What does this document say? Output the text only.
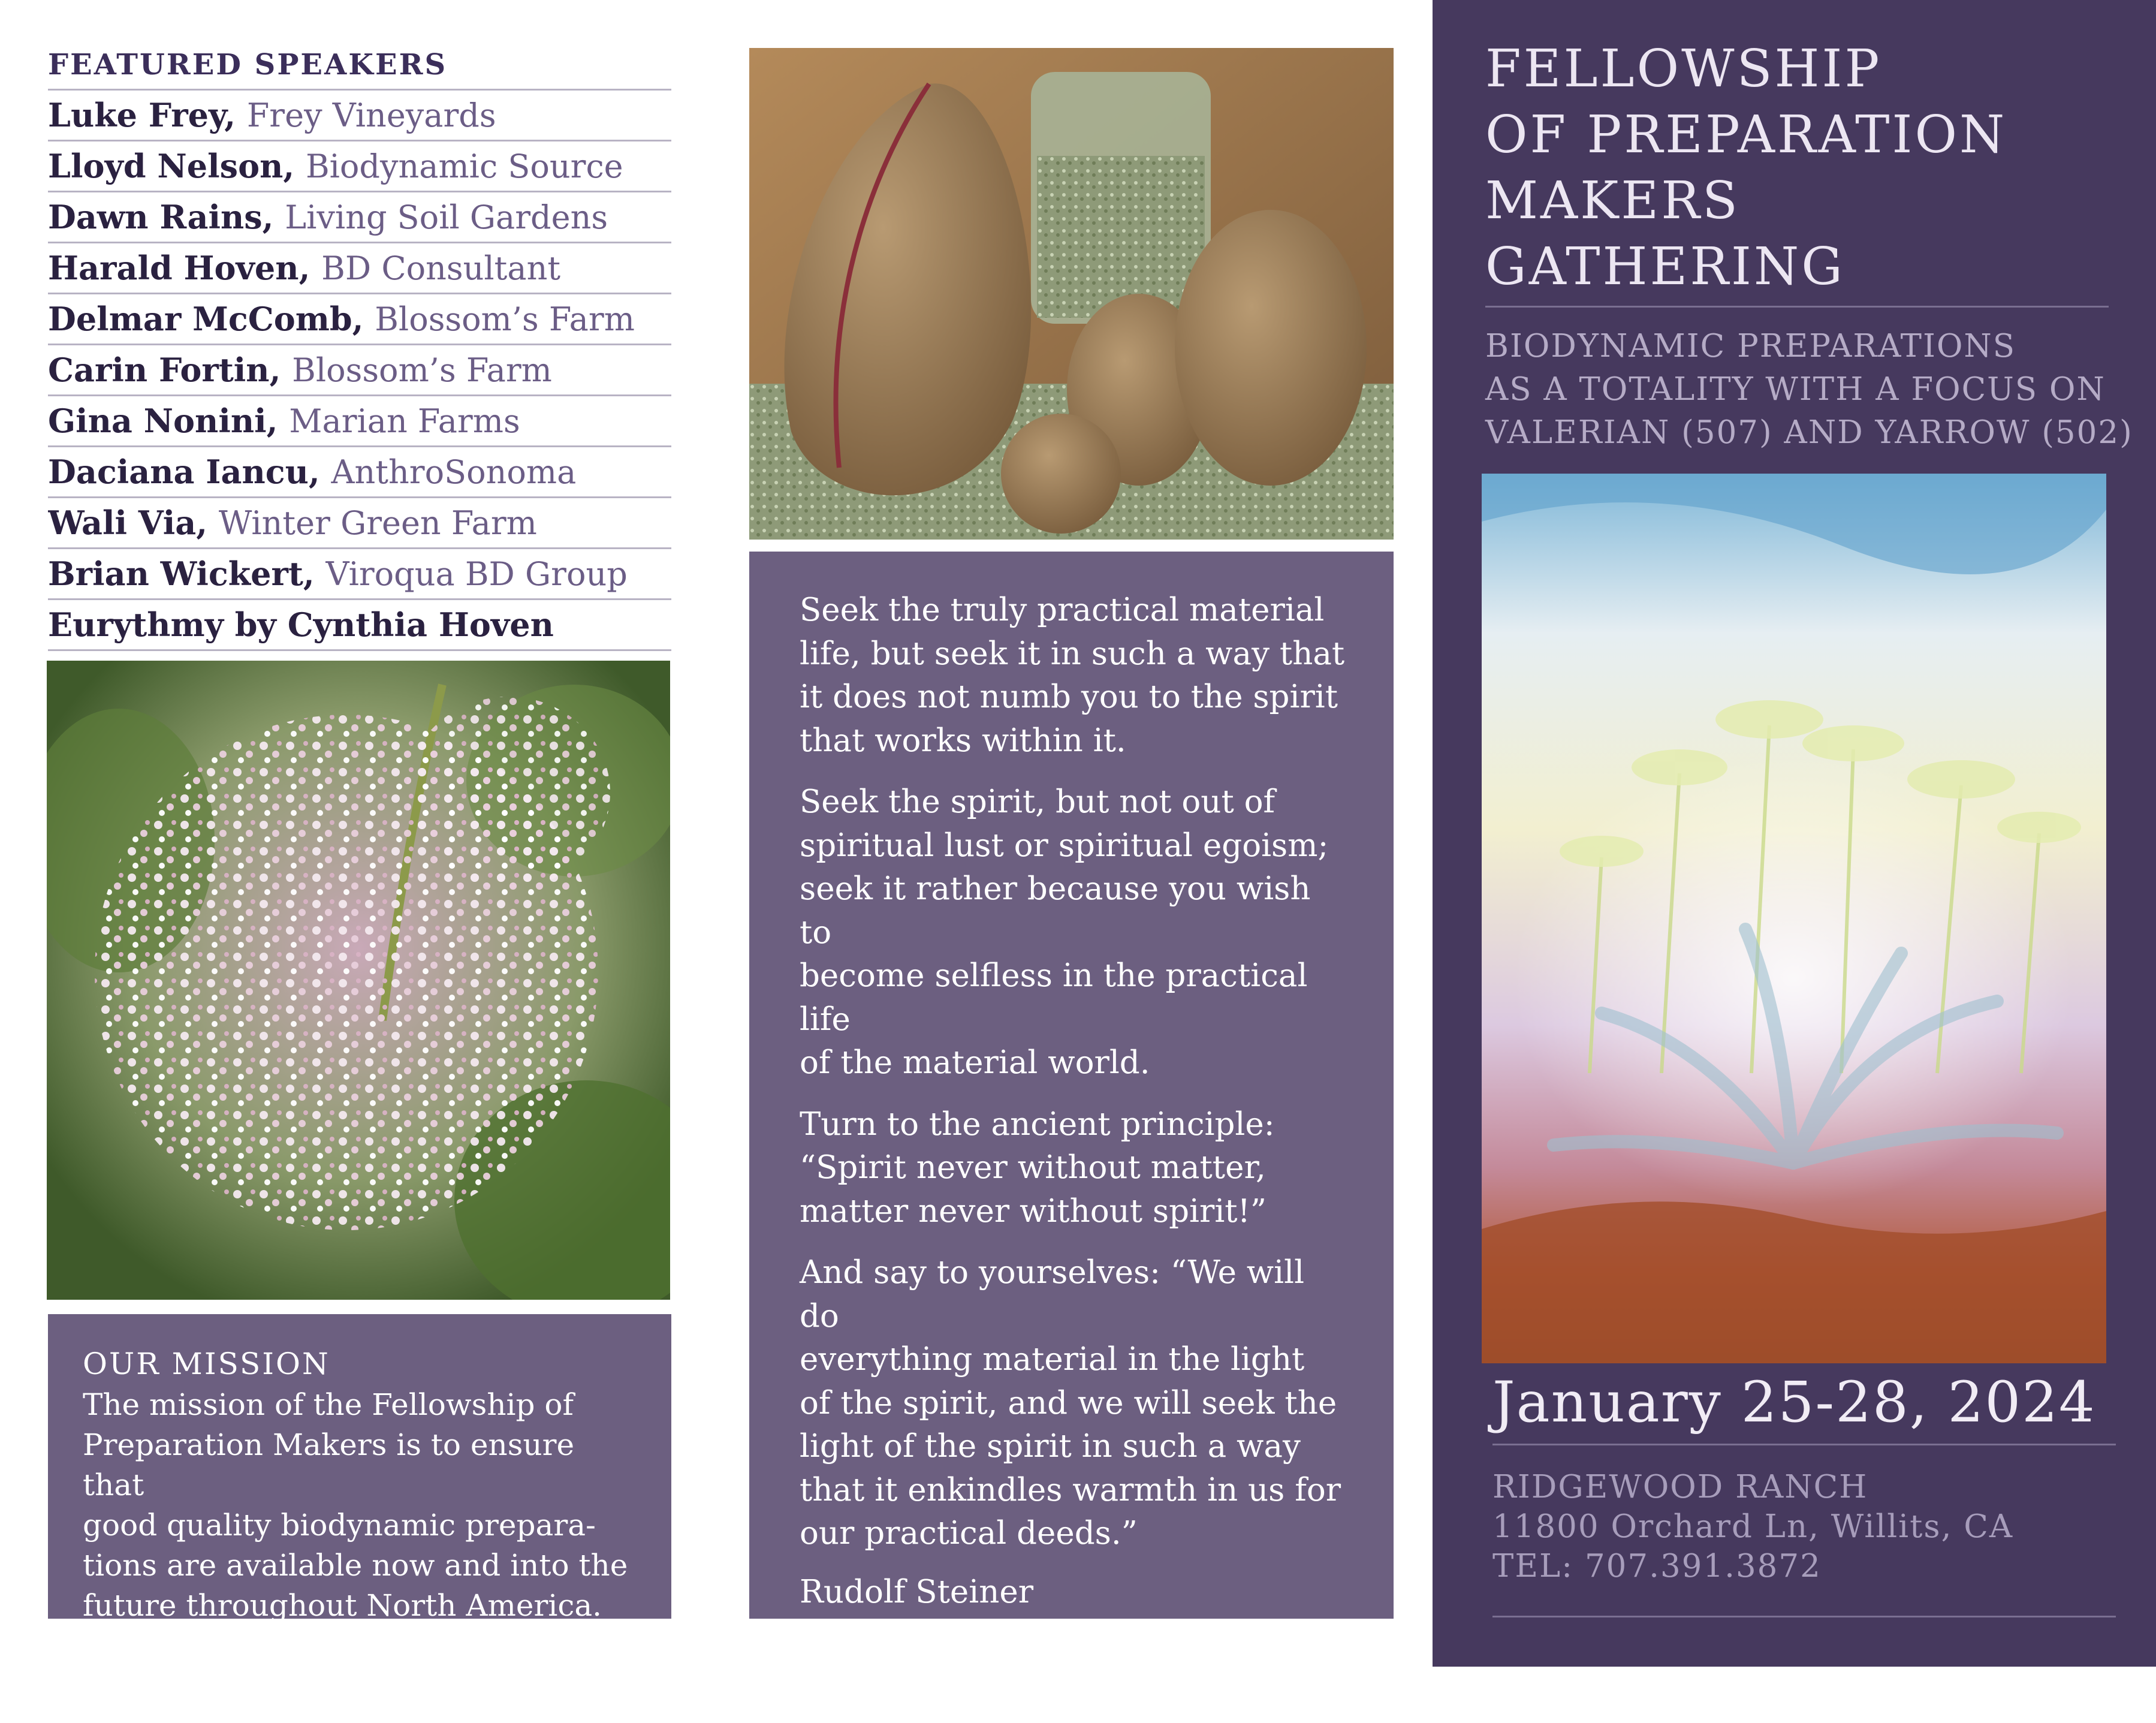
FEATURED SPEAKERS
Luke Frey, Frey Vineyards
Lloyd Nelson, Biodynamic Source
Dawn Rains, Living Soil Gardens
Harald Hoven, BD Consultant
Delmar McComb, Blossom’s Farm
Carin Fortin, Blossom’s Farm
Gina Nonini, Marian Farms
Daciana Iancu, AnthroSonoma
Wali Via, Winter Green Farm
Brian Wickert, Viroqua BD Group
Eurythmy by Cynthia Hoven
OUR MISSION
The mission of the Fellowship of
Preparation Makers is to ensure that
good quality biodynamic prepara-
tions are available now and into the
future throughout North America.

Seek the truly practical material
life, but seek it in such a way that
it does not numb you to the spirit
that works within it.

Seek the spirit, but not out of
spiritual lust or spiritual egoism;
seek it rather because you wish to
become selfless in the practical life
of the material world.

Turn to the ancient principle:
“Spirit never without matter,
matter never without spirit!”

And say to yourselves: “We will do
everything material in the light
of the spirit, and we will seek the
light of the spirit in such a way
that it enkindles warmth in us for
our practical deeds.”

Rudolf Steiner

Cover: ”Yarrow” by Yumiko East. Photos top and
left: Dawn Rains / Living Soil Gardens

FELLOWSHIP
OF PREPARATION
MAKERS
GATHERING
BIODYNAMIC PREPARATIONS
AS A TOTALITY WITH A FOCUS ON
VALERIAN (507) AND YARROW (502)
January 25-28, 2024
RIDGEWOOD RANCH
11800 Orchard Ln, Willits, CA
TEL: 707.391.3872
